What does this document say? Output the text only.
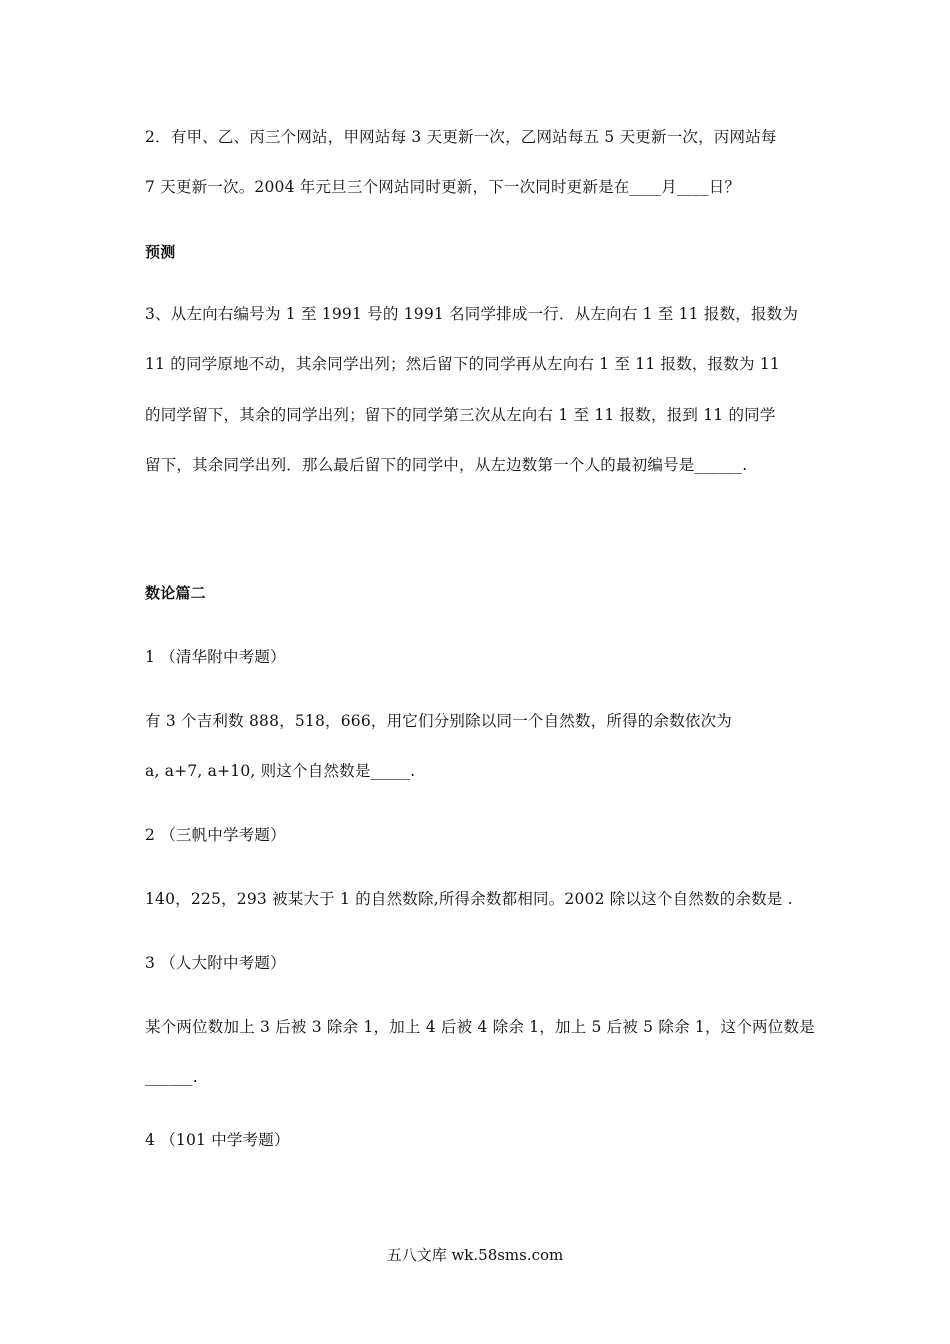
2．有甲、乙、丙三个网站，甲网站每 3 天更新一次，乙网站每五 5 天更新一次，丙网站每
7 天更新一次。2004 年元旦三个网站同时更新，下一次同时更新是在____月____日？
预测
3、从左向右编号为 1 至 1991 号的 1991 名同学排成一行．从左向右 1 至 11 报数，报数为
11 的同学原地不动，其余同学出列；然后留下的同学再从左向右 1 至 11 报数，报数为 11
的同学留下，其余的同学出列；留下的同学第三次从左向右 1 至 11 报数，报到 11 的同学
留下，其余同学出列．那么最后留下的同学中，从左边数第一个人的最初编号是______.
数论篇二
1 （清华附中考题）
有 3 个吉利数 888，518，666，用它们分别除以同一个自然数，所得的余数依次为
a, a+7, a+10, 则这个自然数是_____.
2 （三帆中学考题）
140，225，293 被某大于 1 的自然数除,所得余数都相同。2002 除以这个自然数的余数是 .
3 （人大附中考题）
某个两位数加上 3 后被 3 除余 1，加上 4 后被 4 除余 1，加上 5 后被 5 除余 1，这个两位数是
______.
4 （101 中学考题）
五八文库 wk.58sms.com
